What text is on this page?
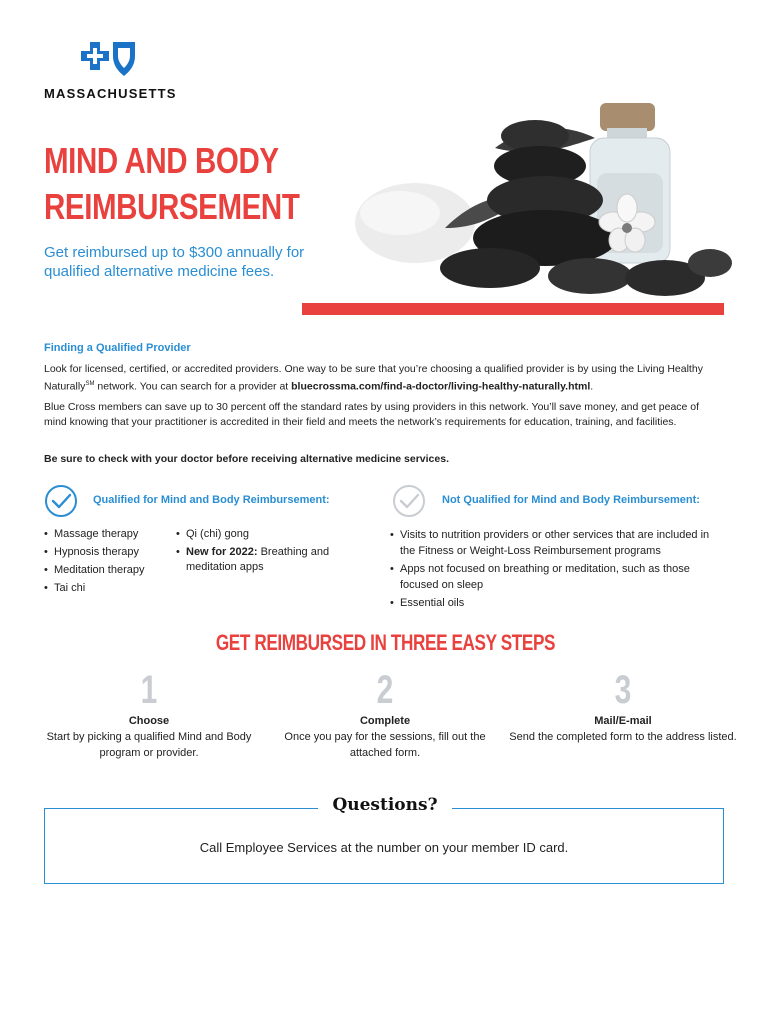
MASSACHUSETTS
MIND AND BODY
REIMBURSEMENT
Get reimbursed up to $300 annually for qualified alternative medicine fees.
Finding a Qualified Provider
Look for licensed, certified, or accredited providers. One way to be sure that you’re choosing a qualified provider is by using the Living Healthy Naturally℠ network. You can search for a provider at bluecrossma.com/find-a-doctor/living-healthy-naturally.html.
Blue Cross members can save up to 30 percent off the standard rates by using providers in this network. You’ll save money, and get peace of mind knowing that your practitioner is accredited in their field and meets the network’s requirements for education, training, and facilities.
Be sure to check with your doctor before receiving alternative medicine services.
Qualified for Mind and Body Reimbursement:	Not Qualified for Mind and Body Reimbursement:
• Massage therapy
• Hypnosis therapy
• Meditation therapy
• Tai chi
• Qi (chi) gong
• New for 2022: Breathing and meditation apps
• Visits to nutrition providers or other services that are included in the Fitness or Weight-Loss Reimbursement programs
• Apps not focused on breathing or meditation, such as those focused on sleep
• Essential oils
GET REIMBURSED IN THREE EASY STEPS
1
Choose
Start by picking a qualified Mind and Body program or provider.
2
Complete
Once you pay for the sessions, fill out the attached form.
3
Mail/E-mail
Send the completed form to the address listed.
Questions?
Call Employee Services at the number on your member ID card.
